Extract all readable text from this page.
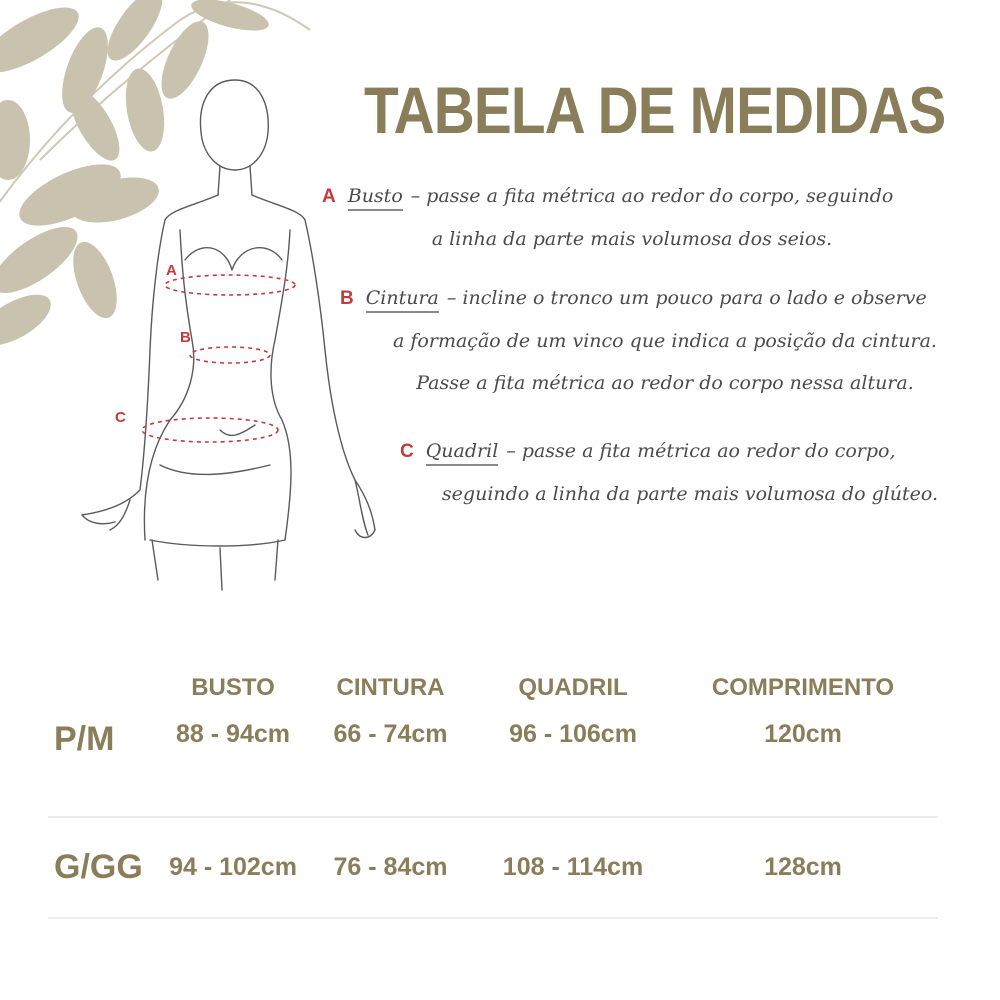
A
B
C
TABELA DE MEDIDAS

A Busto – passe a fita métrica ao redor do corpo, seguindo

a linha da parte mais volumosa dos seios.

B Cintura – incline o tronco um pouco para o lado e observe

a formação de um vinco que indica a posição da cintura.

Passe a fita métrica ao redor do corpo nessa altura.

C Quadril – passe a fita métrica ao redor do corpo,

seguindo a linha da parte mais volumosa do glúteo.

	BUSTO	CINTURA	QUADRIL	COMPRIMENTO
P/M	88 - 94cm	66 - 74cm	96 - 106cm	120cm
G/GG	94 - 102cm	76 - 84cm	108 - 114cm	128cm
